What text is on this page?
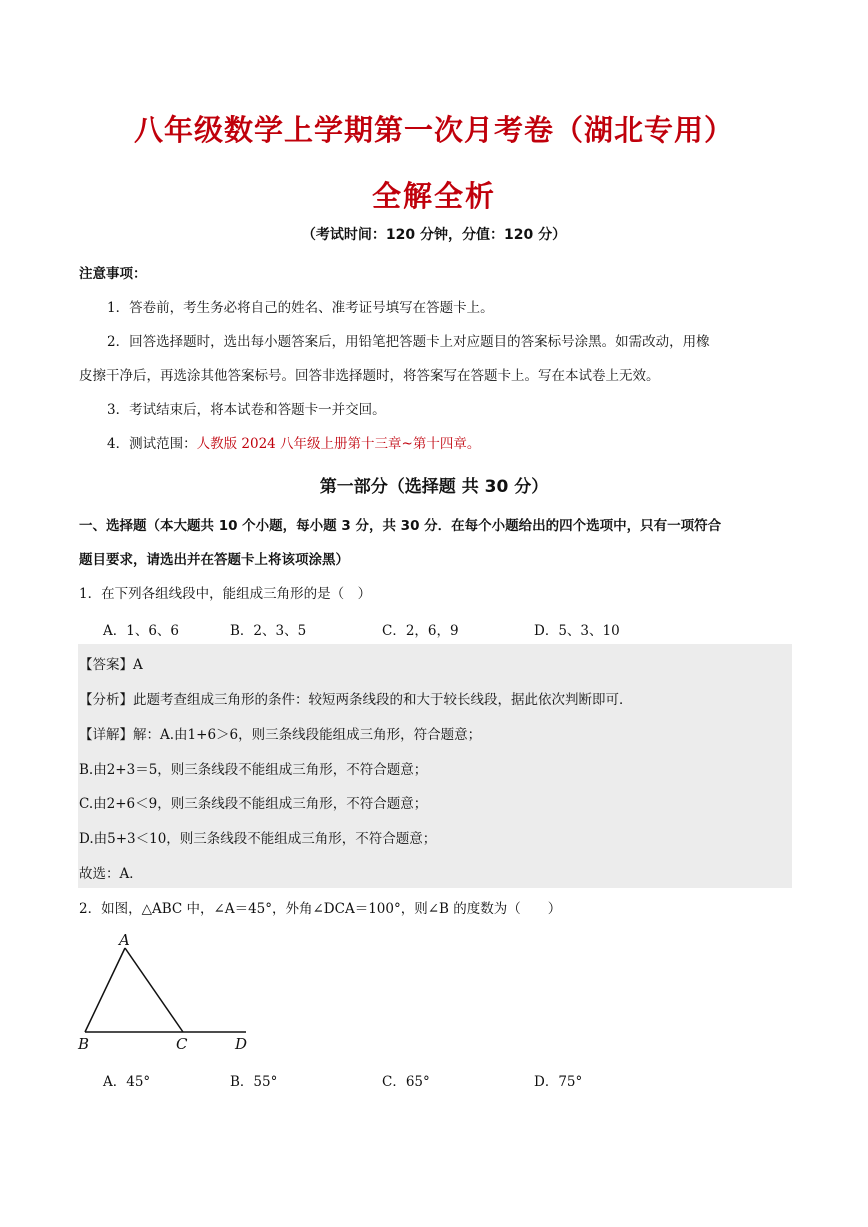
八年级数学上学期第一次月考卷（湖北专用）
全解全析
（考试时间：120 分钟，分值：120 分）
注意事项：
1．答卷前，考生务必将自己的姓名、准考证号填写在答题卡上。
2．回答选择题时，选出每小题答案后，用铅笔把答题卡上对应题目的答案标号涂黑。如需改动，用橡
皮擦干净后，再选涂其他答案标号。回答非选择题时，将答案写在答题卡上。写在本试卷上无效。
3．考试结束后，将本试卷和答题卡一并交回。
4．测试范围：人教版 2024 八年级上册第十三章~第十四章。
第一部分（选择题 共 30 分）
一、选择题（本大题共 10 个小题，每小题 3 分，共 30 分．在每个小题给出的四个选项中，只有一项符合
题目要求，请选出并在答题卡上将该项涂黑）
1．在下列各组线段中，能组成三角形的是（　）
A．1、6、6	B．2、3、5	C．2，6，9	D．5、3、10
【答案】A
【分析】此题考查组成三角形的条件：较短两条线段的和大于较长线段，据此依次判断即可．
【详解】解：A.由1+6＞6，则三条线段能组成三角形，符合题意；
B.由2+3＝5，则三条线段不能组成三角形，不符合题意；
C.由2+6＜9，则三条线段不能组成三角形，不符合题意；
D.由5+3＜10，则三条线段不能组成三角形，不符合题意；
故选：A．
2．如图，△ABC 中，∠A＝45°，外角∠DCA＝100°，则∠B 的度数为（　　）
A
B	C	D
A．45°	B．55°	C．65°	D．75°
